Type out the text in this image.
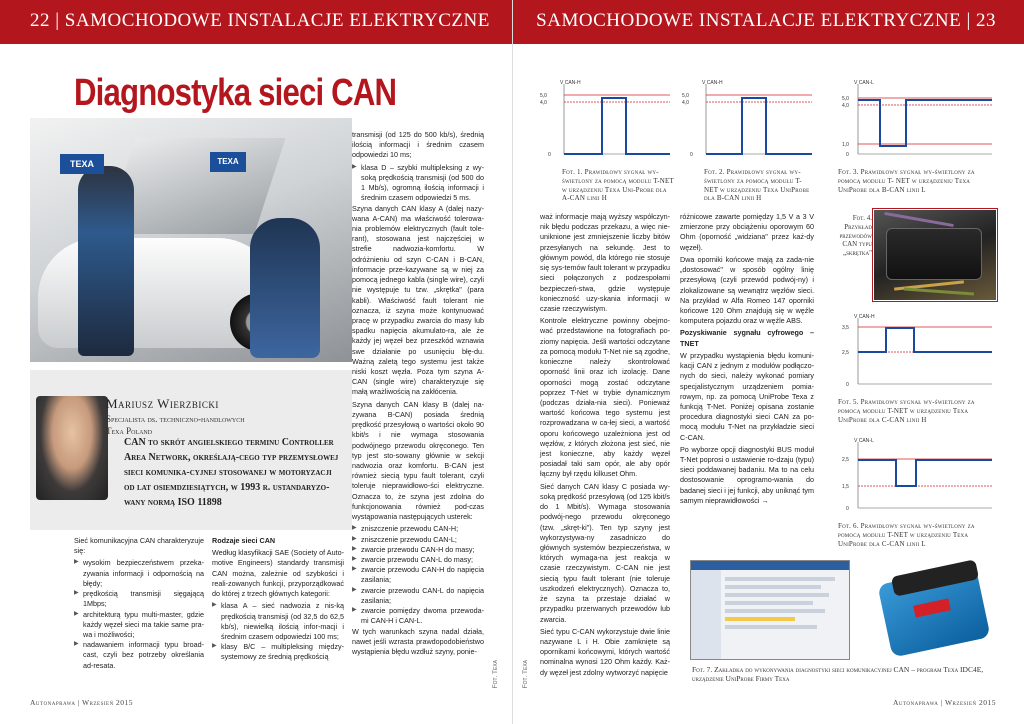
22 | SAMOCHODOWE INSTALACJE ELEKTRYCZNE SAMOCHODOWE INSTALACJE ELEKTRYCZNE | 23
Diagnostyka sieci CAN
TEXA	TEXA
Mariusz Wierzbicki
Specjalista ds. techniczno-handlowych
Texa Poland
CAN to skrót angielskiego terminu Controller Area Network, określają-cego typ przemysłowej sieci komunika-cyjnej stosowanej w motoryzacji od lat osiemdziesiątych, w 1993 r. ustandaryzo-wany normą ISO 11898

Sieć komunikacyjna CAN charakteryzuje się:

▶ wysokim bezpieczeństwem przeka-zywania informacji i odpornością na błędy;
▶ prędkością transmisji sięgającą 1Mbps;
▶ architekturą typu multi-master, gdzie każdy węzeł sieci ma takie same pra-wa i możliwości;
▶ nadawaniem informacji typu broad-cast, czyli bez potrzeby określania ad-resata.

Rodzaje sieci CAN

Według klasyfikacji SAE (Society of Auto-motive Engineers) standardy transmisji CAN można, zależnie od szybkości i reali-zowanych funkcji, przyporządkować do której z trzech głównych kategorii:

▶ klasa A – sieć nadwozia z nis-ką prędkością transmisji (od 32,5 do 62,5 kb/s), niewielką ilością infor-macji i średnim czasem odpowiedzi 100 ms;
▶ klasy B/C – multipleksing między-systemowy ze średnią prędkością

transmisji (od 125 do 500 kb/s), średnią ilością informacji i średnim czasem odpowiedzi 10 ms;

▶ klasa D – szybki multipleksing z wy-soką prędkością transmisji (od 500 do 1 Mb/s), ogromną ilością informacji i średnim czasem odpowiedzi 5 ms.

Szyna danych CAN klasy A (dalej nazy-wana A-CAN) ma właściwość tolerowa-nia problemów elektrycznych (fault tole-rant), stosowana jest najczęściej w strefie nadwozia-komfortu. W odróżnieniu od szyn C-CAN i B-CAN, informacje prze-kazywane są w niej za pomocą jednego kabla (single wire), czyli nie występuje tu tzw. „skrętka" (para kabli). Właściwość fault tolerant nie oznacza, iż szyna może kontynuować pracę w przypadku zwarcia do masy lub spadku napięcia akumulato-ra, ale że każdy jej węzeł bez przeszkód wznawia swe działanie po usunięciu błę-du. Ważną zaletą tego systemu jest także niski koszt węzła. Poza tym szyna A-CAN (single wire) charakteryzuje się małą wrażliwością na zakłócenia.

Szyna danych CAN klasy B (dalej na-zywana B-CAN) posiada średnią prędkość przesyłową o wartości około 90 kbit/s i nie wymaga stosowania podwójnego przewodu okręconego. Ten typ jest sto-sowany głównie w sekcji nadwozia oraz komfortu. B-CAN jest również siecią typu fault tolerant, czyli toleruje nieprawidłowo-ści elektryczne. Oznacza to, że szyna jest zdolna do funkcjonowania również pod-czas wystąpowania następujących usterek:

▶ zniszczenie przewodu CAN-H;
▶ zniszczenie przewodu CAN-L;
▶ zwarcie przewodu CAN-H do masy;
▶ zwarcie przewodu CAN-L do masy;
▶ zwarcie przewodu CAN-H do napięcia zasilania;
▶ zwarcie przewodu CAN-L do napięcia zasilania;
▶ zwarcie pomiędzy dwoma przewoda-mi CAN-H i CAN-L.

W tych warunkach szyna nadal działa, nawet jeśli wzrasta prawdopodobieństwo wystąpienia błędu wzdłuż szyny, ponie-

waż informacje mają wyższy współczyn-nik błędu podczas przekazu, a więc nie-uniknione jest zmniejszenie liczby bitów przesyłanych na sekundę. Jest to głównym powód, dla którego nie stosuje się sys-temów fault tolerant w przypadku sieci połączonych z podzespołami bezpieczeń-stwa, gdzie występuje konieczność uzy-skania informacji w czasie rzeczywistym.

Kontrole elektryczne powinny obejmo-wać przedstawione na fotografiach po-ziomy napięcia. Jeśli wartości odczytane za pomocą modułu T-Net nie są zgodne, konieczne należy skontrolować oporność linii oraz ich izolację. Dane oporności mogą zostać odczytane poprzez T-Net w trybie dynamicznym (podczas działa-nia sieci). Ponieważ wartość końcowa tego systemu jest rozprowadzana w ca-łej sieci, a wartość oporu końcowego uzależniona jest od węzłów, z których złożona jest sieć, nie jest konieczne, aby każdy węzeł posiadał taki sam opór, ale aby opór łączny był rzędu kilkuset Ohm.

Sieć danych CAN klasy C posiada wy-soką prędkość przesyłową (od 125 kbit/s do 1 Mbit/s). Wymaga stosowania podwój-nego przewodu okręconego (tzw. „skręt-ki"). Ten typ szyny jest wykorzystywa-ny zasadniczo do głównych systemów bezpieczeństwa, w których wymaga-na jest reakcja w czasie rzeczywistym. C-CAN nie jest siecią typu fault tolerant (nie toleruje uszkodzeń elektrycznych). Oznacza to, że szyna ta przestaje działać w przypadku przerwanych przewodów lub zwarcia.

Sieć typu C-CAN wykorzystuje dwie linie nazywane L i H. Obie zamknięte są opornikami końcowymi, których wartość nominalna wynosi 120 Ohm każdy. Każ-dy węzeł jest zdolny wytworzyć napięcie

różnicowe zawarte pomiędzy 1,5 V a 3 V zmierzone przy obciążeniu oporowym 60 Ohm (oporność „widziana" przez każ-dy węzeł).

Dwa oporniki końcowe mają za zada-nie „dostosować" w sposób ogólny linię przesyłową (czyli przewód podwój-ny) i zlokalizowane są wewnątrz węzłów sieci. Na przykład w Alfa Romeo 147 oporniki końcowe 120 Ohm znajdują się w węźle komputera pojazdu oraz w węźle ABS.

Pozyskiwanie sygnału cyfrowego – TNET

W przypadku wystąpienia błędu komuni-kacji CAN z jednym z modułów podłączo-nych do sieci, należy wykonać pomiary specjalistycznym urządzeniem pomia-rowym, np. za pomocą UniProbe Texa z funkcją T-Net. Poniżej opisana zostanie procedura diagnostyki sieci CAN za po-mocą modułu T-Net na przykładzie sieci C-CAN.

Po wyborze opcji diagnostyki BUS moduł T-Net poprosi o ustawienie ro-dzaju (typu) sieci poddawanej badaniu. Ma to na celu dostosowanie oprogramo-wania do badanej sieci i jej funkcji, aby uniknąć tym samym nieprawidłowości →

Fot. Texa	Fot. Texa
V CAN-H
5,0
4,0
0
Fot. 1. Prawidłowy sygnał wy-świetlony za pomocą modułu T-NET w urządzeniu Texa Uni-Probe dla A-CAN linii H
V CAN-H
5,0
4,0
0
Fot. 2. Prawidłowy sygnał wy-świetlony za pomocą modułu T- NET w urządzeniu Texa UniProbe dla B-CAN linii H
V CAN-L
5,0
4,0
1,0
0
Fot. 3. Prawidłowy sygnał wy-świetlony za pomocą modułu T- NET w urządzeniu Texa UniProbe dla B-CAN linii L
Fot. 4. Przykład przewodów CAN typu „skrętka"
V CAN-H
3,5
2,5
0
Fot. 5. Prawidłowy sygnał wy-świetlony za pomocą modułu T-NET w urządzeniu Texa UniProbe dla C-CAN linii H
V CAN-L
2,5
1,5
0
Fot. 6. Prawidłowy sygnał wy-świetlony za pomocą modułu T-NET w urządzeniu Texa UniProbe dla C-CAN linii L
Fot. 7. Zakładka do wykonywania diagnostyki sieci komunikacyjnej CAN – program Texa IDC4E, urządzenie UniProbe Firmy Texa
Autonaprawa | Wrzesień 2015	Autonaprawa | Wrzesień 2015
